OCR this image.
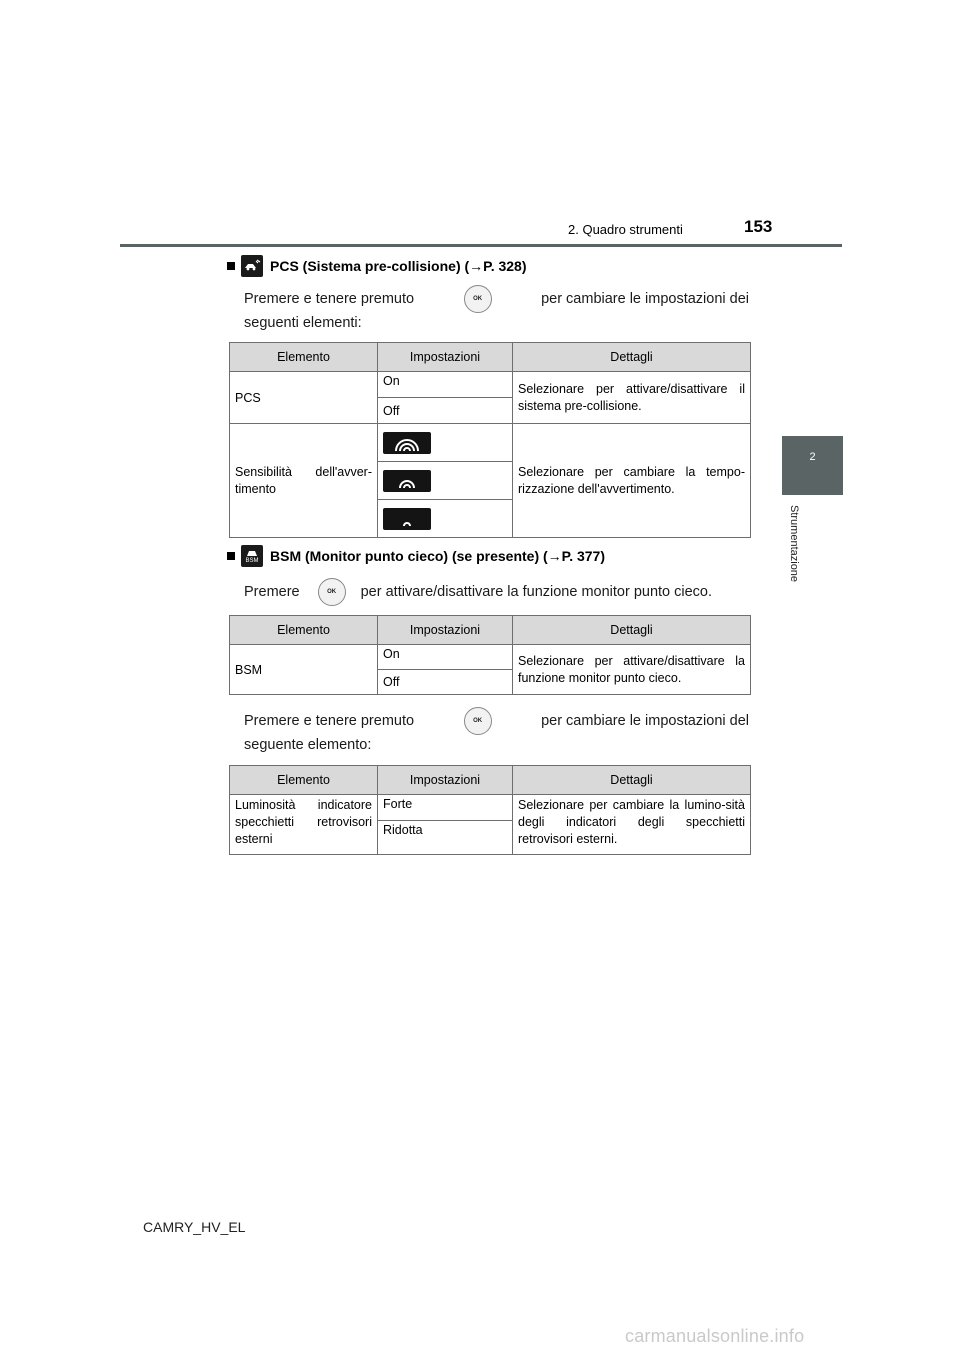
2. Quadro strumenti	153
2
Strumentazione
PCS (Sistema pre-collisione) (→P. 328)
Premere e tenere premuto	OK	per cambiare le impostazioni dei
seguenti elementi:
Elemento	Impostazioni	Dettagli
PCS	On	Selezionare per attivare/disattivare il sistema pre-collisione.
	Off	
Sensibilità dell'avver-timento		Selezionare per cambiare la tempo-rizzazione dell'avvertimento.

BSM BSM (Monitor punto cieco) (se presente) (→P. 377)
Premere	OK	per attivare/disattivare la funzione monitor punto cieco.
Elemento	Impostazioni	Dettagli
BSM	On	Selezionare per attivare/disattivare la funzione monitor punto cieco.
	Off	
Premere e tenere premuto	OK	per cambiare le impostazioni del
seguente elemento:
Elemento	Impostazioni	Dettagli
Luminosità indicatore specchietti retrovisori esterni	Forte	Selezionare per cambiare la lumino-sità degli indicatori degli specchietti retrovisori esterni.
	Ridotta	
CAMRY_HV_EL
carmanualsonline.info
